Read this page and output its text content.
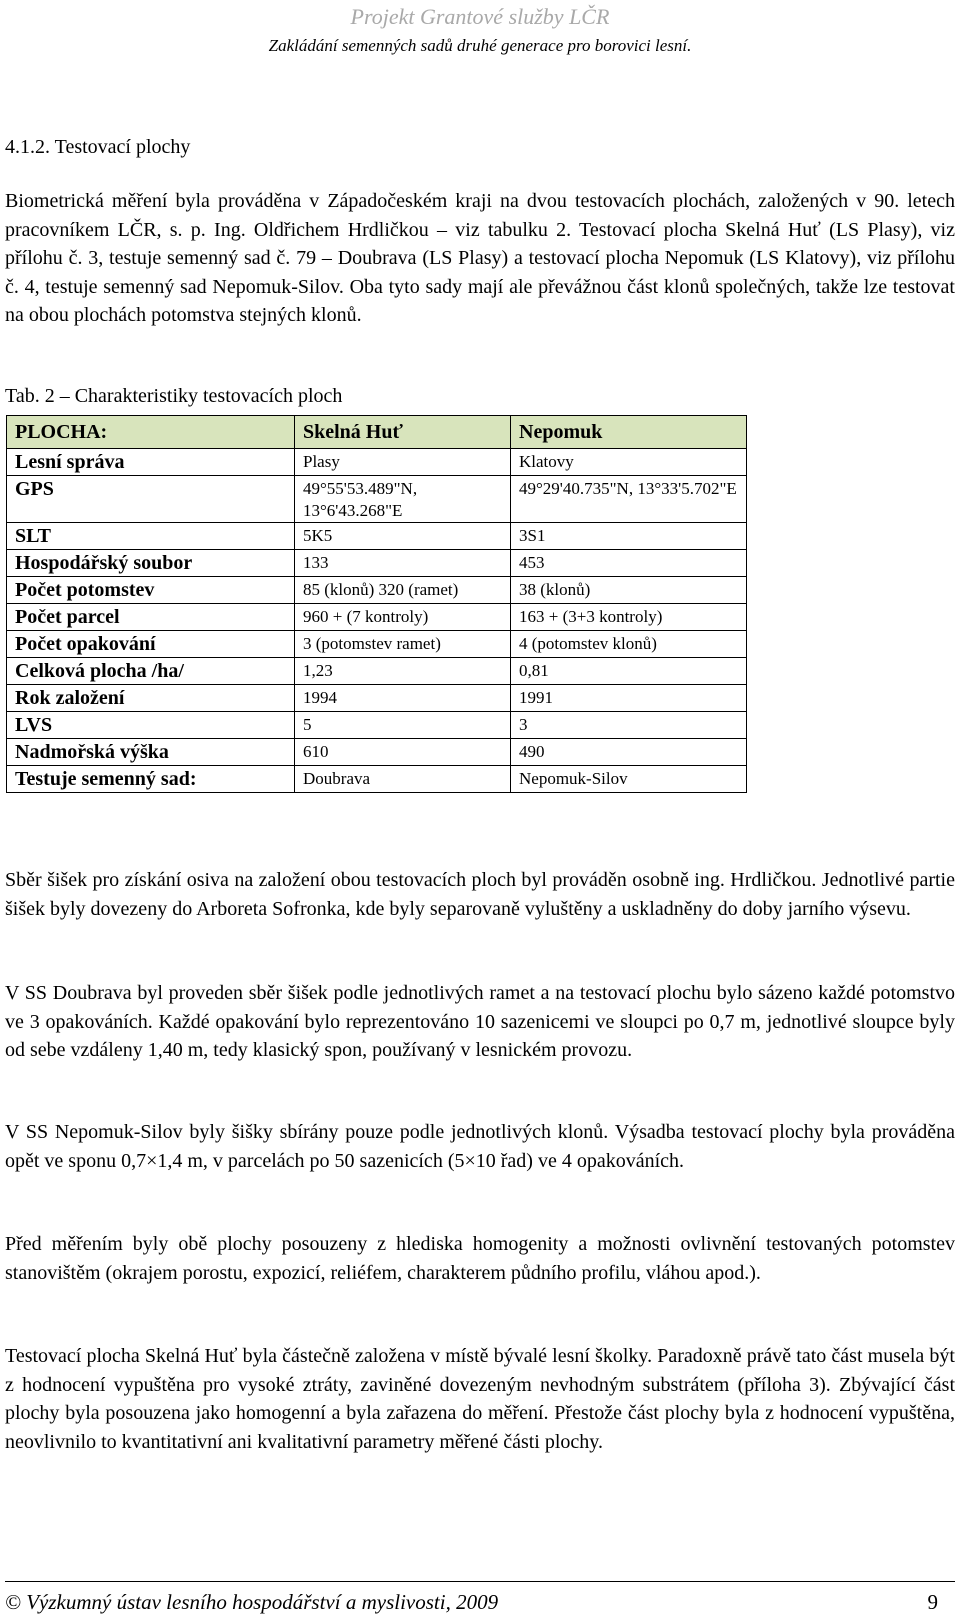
Projekt Grantové služby LČR
Zakládání semenných sadů druhé generace pro borovici lesní.
4.1.2. Testovací plochy

Biometrická měření byla prováděna v Západočeském kraji na dvou testovacích plochách, založených v 90. letech pracovníkem LČR, s. p. Ing. Oldřichem Hrdličkou – viz tabulku 2. Testovací plocha Skelná Huť (LS Plasy), viz přílohu č. 3, testuje semenný sad č. 79 – Doubrava (LS Plasy) a testovací plocha Nepomuk (LS Klatovy), viz přílohu č. 4, testuje semenný sad Nepomuk-Silov. Oba tyto sady mají ale převážnou část klonů společných, takže lze testovat na obou plochách potomstva stejných klonů.

Tab. 2 – Charakteristiky testovacích ploch
PLOCHA:	Skelná Huť	Nepomuk
Lesní správa	Plasy	Klatovy
GPS	49°55'53.489"N, 13°6'43.268"E	49°29'40.735"N, 13°33'5.702"E
SLT	5K5	3S1
Hospodářský soubor	133	453
Počet potomstev	85 (klonů) 320 (ramet)	38 (klonů)
Počet parcel	960 + (7 kontroly)	163 + (3+3 kontroly)
Počet opakování	3 (potomstev ramet)	4 (potomstev klonů)
Celková plocha /ha/	1,23	0,81
Rok založení	1994	1991
LVS	5	3
Nadmořská výška	610	490
Testuje semenný sad:	Doubrava	Nepomuk-Silov

Sběr šišek pro získání osiva na založení obou testovacích ploch byl prováděn osobně ing. Hrdličkou. Jednotlivé partie šišek byly dovezeny do Arboreta Sofronka, kde byly separovaně vyluštěny a uskladněny do doby jarního výsevu.

V SS Doubrava byl proveden sběr šišek podle jednotlivých ramet a na testovací plochu bylo sázeno každé potomstvo ve 3 opakováních. Každé opakování bylo reprezentováno 10 sazenicemi ve sloupci po 0,7 m, jednotlivé sloupce byly od sebe vzdáleny 1,40 m, tedy klasický spon, používaný v lesnickém provozu.

V SS Nepomuk-Silov byly šišky sbírány pouze podle jednotlivých klonů. Výsadba testovací plochy byla prováděna opět ve sponu 0,7×1,4 m, v parcelách po 50 sazenicích (5×10 řad) ve 4 opakováních.

Před měřením byly obě plochy posouzeny z hlediska homogenity a možnosti ovlivnění testovaných potomstev stanovištěm (okrajem porostu, expozicí, reliéfem, charakterem půdního profilu, vláhou apod.).

Testovací plocha Skelná Huť byla částečně založena v místě bývalé lesní školky. Paradoxně právě tato část musela být z hodnocení vypuštěna pro vysoké ztráty, zaviněné dovezeným nevhodným substrátem (příloha 3). Zbývající část plochy byla posouzena jako homogenní a byla zařazena do měření. Přestože část plochy byla z hodnocení vypuštěna, neovlivnilo to kvantitativní ani kvalitativní parametry měřené části plochy.

© Výzkumný ústav lesního hospodářství a myslivosti, 2009	9
